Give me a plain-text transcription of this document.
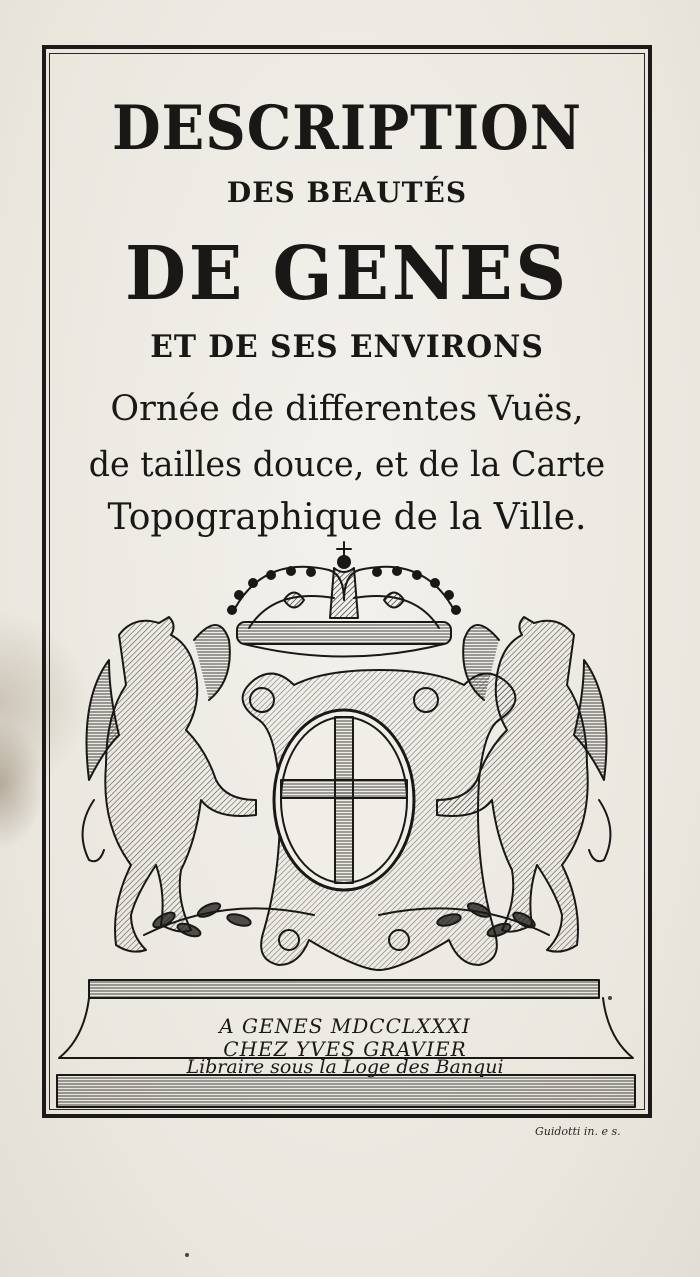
DESCRIPTION
DES BEAUTÉS
DE GENES
ET DE SES ENVIRONS
Ornée de differentes Vuës,
de tailles douce, et de la Carte
Topographique de la Ville.
A GENES MDCCLXXXI
CHEZ YVES GRAVIER
Libraire sous la Loge des Banqui
Guidotti in. e s.
